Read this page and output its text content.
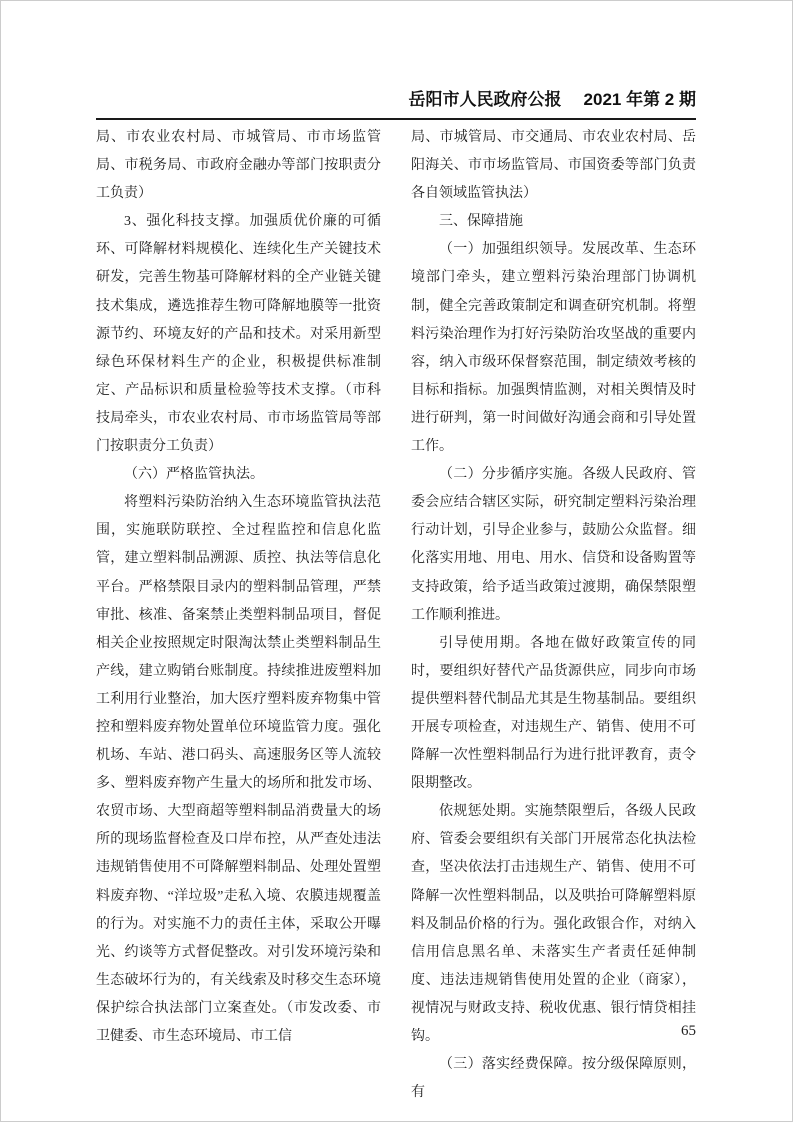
岳阳市人民政府公报 2021 年第 2 期

局、市农业农村局、市城管局、市市场监管局、市税务局、市政府金融办等部门按职责分工负责）

3、强化科技支撑。加强质优价廉的可循环、可降解材料规模化、连续化生产关键技术研发，完善生物基可降解材料的全产业链关键技术集成，遴选推荐生物可降解地膜等一批资源节约、环境友好的产品和技术。对采用新型绿色环保材料生产的企业，积极提供标准制定、产品标识和质量检验等技术支撑。（市科技局牵头，市农业农村局、市市场监管局等部门按职责分工负责）

（六）严格监管执法。

将塑料污染防治纳入生态环境监管执法范围，实施联防联控、全过程监控和信息化监管，建立塑料制品溯源、质控、执法等信息化平台。严格禁限目录内的塑料制品管理，严禁审批、核准、备案禁止类塑料制品项目，督促相关企业按照规定时限淘汰禁止类塑料制品生产线，建立购销台账制度。持续推进废塑料加工利用行业整治，加大医疗塑料废弃物集中管控和塑料废弃物处置单位环境监管力度。强化机场、车站、港口码头、高速服务区等人流较多、塑料废弃物产生量大的场所和批发市场、农贸市场、大型商超等塑料制品消费量大的场所的现场监督检查及口岸布控，从严查处违法违规销售使用不可降解塑料制品、处理处置塑料废弃物、“洋垃圾”走私入境、农膜违规覆盖的行为。对实施不力的责任主体，采取公开曝光、约谈等方式督促整改。对引发环境污染和生态破坏行为的，有关线索及时移交生态环境保护综合执法部门立案查处。（市发改委、市卫健委、市生态环境局、市工信

局、市城管局、市交通局、市农业农村局、岳阳海关、市市场监管局、市国资委等部门负责各自领域监管执法）

三、保障措施

（一）加强组织领导。发展改革、生态环境部门牵头，建立塑料污染治理部门协调机制，健全完善政策制定和调查研究机制。将塑料污染治理作为打好污染防治攻坚战的重要内容，纳入市级环保督察范围，制定绩效考核的目标和指标。加强舆情监测，对相关舆情及时进行研判，第一时间做好沟通会商和引导处置工作。

（二）分步循序实施。各级人民政府、管委会应结合辖区实际，研究制定塑料污染治理行动计划，引导企业参与，鼓励公众监督。细化落实用地、用电、用水、信贷和设备购置等支持政策，给予适当政策过渡期，确保禁限塑工作顺利推进。

引导使用期。各地在做好政策宣传的同时，要组织好替代产品货源供应，同步向市场提供塑料替代制品尤其是生物基制品。要组织开展专项检查，对违规生产、销售、使用不可降解一次性塑料制品行为进行批评教育，责令限期整改。

依规惩处期。实施禁限塑后，各级人民政府、管委会要组织有关部门开展常态化执法检查，坚决依法打击违规生产、销售、使用不可降解一次性塑料制品，以及哄抬可降解塑料原料及制品价格的行为。强化政银合作，对纳入信用信息黑名单、未落实生产者责任延伸制度、违法违规销售使用处置的企业（商家），视情况与财政支持、税收优惠、银行情贷相挂钩。

（三）落实经费保障。按分级保障原则，有

65
